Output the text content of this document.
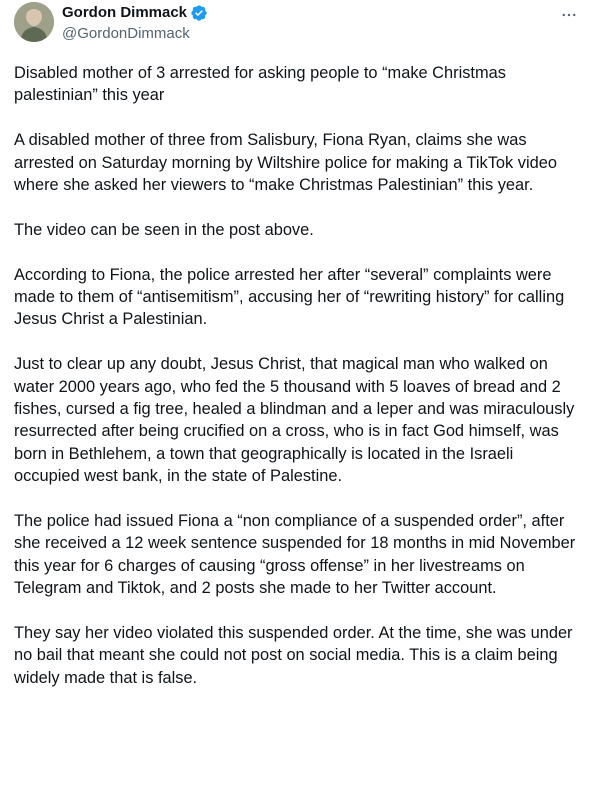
Gordon Dimmack
@GordonDimmack

Disabled mother of 3 arrested for asking people to “make Christmas palestinian” this year

A disabled mother of three from Salisbury, Fiona Ryan, claims she was arrested on Saturday morning by Wiltshire police for making a TikTok video where she asked her viewers to “make Christmas Palestinian” this year.

The video can be seen in the post above.

According to Fiona, the police arrested her after “several” complaints were made to them of “antisemitism”, accusing her of “rewriting history” for calling Jesus Christ a Palestinian.

Just to clear up any doubt, Jesus Christ, that magical man who walked on water 2000 years ago, who fed the 5 thousand with 5 loaves of bread and 2 fishes, cursed a fig tree, healed a blindman and a leper and was miraculously resurrected after being crucified on a cross, who is in fact God himself, was born in Bethlehem, a town that geographically is located in the Israeli occupied west bank, in the state of Palestine.

The police had issued Fiona a “non compliance of a suspended order”, after she received a 12 week sentence suspended for 18 months in mid November this year for 6 charges of causing “gross offense” in her livestreams on Telegram and Tiktok, and 2 posts she made to her Twitter account.

They say her video violated this suspended order. At the time, she was under no bail that meant she could not post on social media. This is a claim being widely made that is false.
